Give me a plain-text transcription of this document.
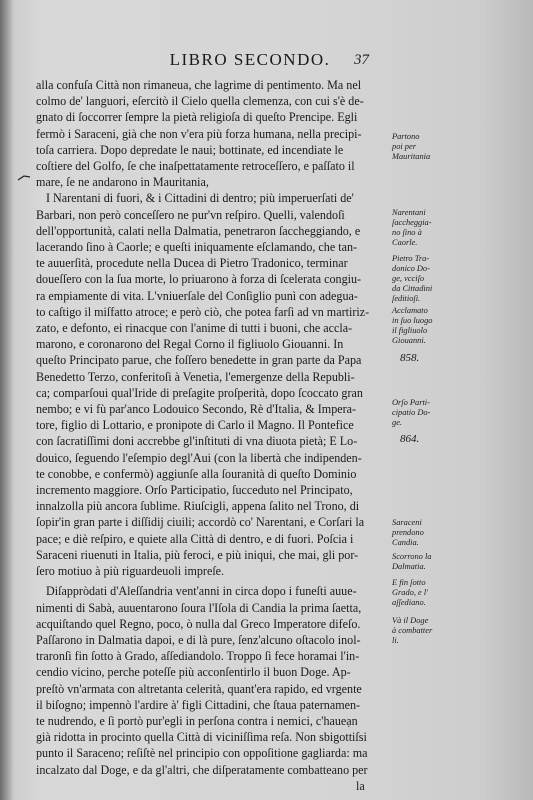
LIBRO SECONDO.	37
alla confuſa Città non rimaneua, che lagrime di pentimento. Ma nel
colmo de' languori, eſercitò il Cielo quella clemenza, con cui s'è de-
gnato di ſoccorrer ſempre la pietà religioſa di queſto Prencipe. Egli
fermò i Saraceni, già che non v'era più forza humana, nella precipi-
toſa carriera. Dopo depredate le naui; bottinate, ed incendiate le
coſtiere del Golfo, ſe che inaſpettatamente retroceſſero, e paſſato il
mare, ſe ne andarono in Mauritania,
I Narentani di fuori, & i Cittadini di dentro; più imperuerſati de'
Barbari, non però conceſſero ne pur'vn reſpiro. Quelli, valendoſi
dell'opportunità, calati nella Dalmatia, penetraron ſaccheggiando, e
lacerando ſino à Caorle; e queſti iniquamente eſclamando, che tan-
te auuerſità, procedute nella Ducea di Pietro Tradonico, terminar
doueſſero con la ſua morte, lo priuarono à forza di ſcelerata congiu-
ra empiamente di vita. L'vniuerſale del Conſiglio punì con adegua-
to caſtigo il miſfatto atroce; e però ciò, che potea farſi ad vn martiriz-
zato, e defonto, ei rinacque con l'anime di tutti i buoni, che accla-
marono, e coronarono del Regal Corno il figliuolo Giouanni. In
queſto Principato parue, che foſſero benedette in gran parte da Papa
Benedetto Terzo, conferitoſi à Venetia, l'emergenze della Republi-
ca; comparſoui qual'Iride di preſagite proſperità, dopo ſcoccato gran
nembo; e vi fù par'anco Lodouico Secondo, Rè d'Italia, & Impera-
tore, figlio di Lottario, e pronipote di Carlo il Magno. Il Pontefice
con ſacratiſſimi doni accrebbe gl'inſtituti di vna diuota pietà; E Lo-
douico, ſeguendo l'eſempio degl'Aui (con la libertà che indipenden-
te conobbe, e confermò) aggiunſe alla ſouranità di queſto Dominio
incremento maggiore. Orſo Participatio, ſucceduto nel Principato,
innalzolla più ancora ſublime. Riuſcigli, appena ſalito nel Trono, di
ſopir'in gran parte i diſſidij ciuili; accordò co' Narentani, e Corſari la
pace; e diè reſpiro, e quiete alla Città di dentro, e di fuori. Poſcia i
Saraceni riuenuti in Italia, più feroci, e più iniqui, che mai, gli por-
ſero motiuo à più riguardeuoli impreſe.
Diſappròdati d'Aleſſandria vent'anni in circa dopo i funeſti auue-
nimenti di Sabà, auuentarono ſoura l'Iſola di Candia la prima ſaetta,
acquiſtando quel Regno, poco, ò nulla dal Greco Imperatore difeſo.
Paſſarono in Dalmatia dapoi, e di là pure, ſenz'alcuno oſtacolo inol-
traronſi fin ſotto à Grado, aſſediandolo. Troppo ſi fece horamai l'in-
cendio vicino, perche poteſſe più acconſentirlo il buon Doge. Ap-
preſtò vn'armata con altretanta celerità, quant'era rapido, ed vrgente
il biſogno; impennò l'ardire à' figli Cittadini, che ſtaua paternamen-
te nudrendo, e ſi portò pur'egli in perſona contra i nemici, c'haueạn
già ridotta in procinto quella Città di viciniſſima reſa. Non sbigottiſsi
punto il Saraceno; reſiſtè nel principio con oppoſitione gagliarda: ma
incalzato dal Doge, e da gl'altri, che diſperatamente combatteano per
la
Partono
poi per
Mauritania
Narentani
ſaccheggia-
no ſino à
Caorle.
Pietro Tra-
donico Do-
ge, vcciſo
da Cittadini
ſeditioſi.
Acclamato
in ſuo luogo
il figliuolo
Giouanni.
Orſo Parti-
cipatio Do-
ge.
Saraceni
prendono
Candia.
Scorrono la
Dalmatia.
E fin ſotto
Grado, e l'
aſſediano.
Và il Doge
à combatter
li.
858.
864.
